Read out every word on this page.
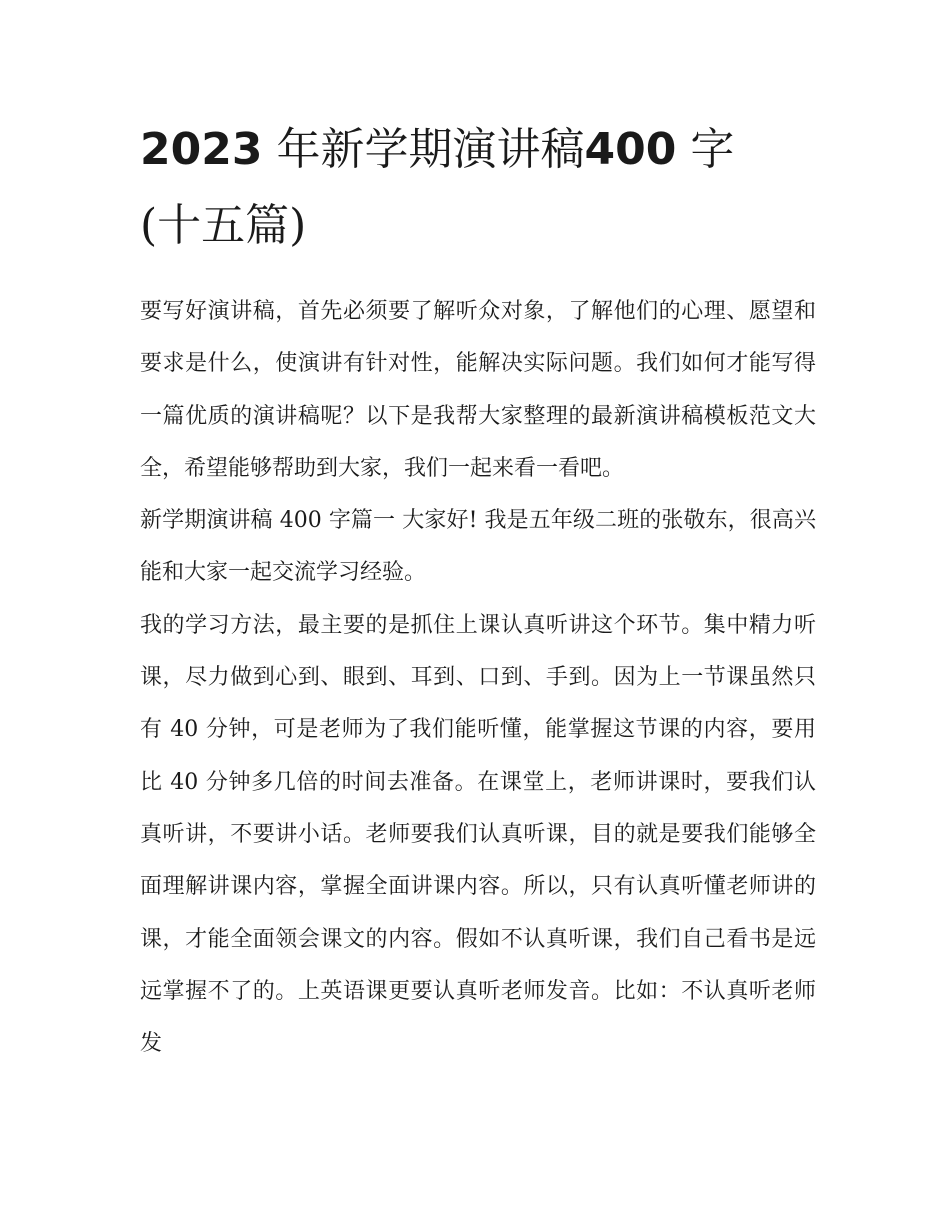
2023 年新学期演讲稿400 字
(十五篇)

要写好演讲稿，首先必须要了解听众对象，了解他们的心理、愿望和要求是什么，使演讲有针对性，能解决实际问题。我们如何才能写得一篇优质的演讲稿呢？以下是我帮大家整理的最新演讲稿模板范文大全，希望能够帮助到大家，我们一起来看一看吧。

新学期演讲稿 400 字篇一 大家好! 我是五年级二班的张敬东，很高兴能和大家一起交流学习经验。

我的学习方法，最主要的是抓住上课认真听讲这个环节。集中精力听课，尽力做到心到、眼到、耳到、口到、手到。因为上一节课虽然只有 40 分钟，可是老师为了我们能听懂，能掌握这节课的内容，要用比 40 分钟多几倍的时间去准备。在课堂上，老师讲课时，要我们认真听讲，不要讲小话。老师要我们认真听课，目的就是要我们能够全面理解讲课内容，掌握全面讲课内容。所以，只有认真听懂老师讲的课，才能全面领会课文的内容。假如不认真听课，我们自己看书是远远掌握不了的。上英语课更要认真听老师发音。比如：不认真听老师发
